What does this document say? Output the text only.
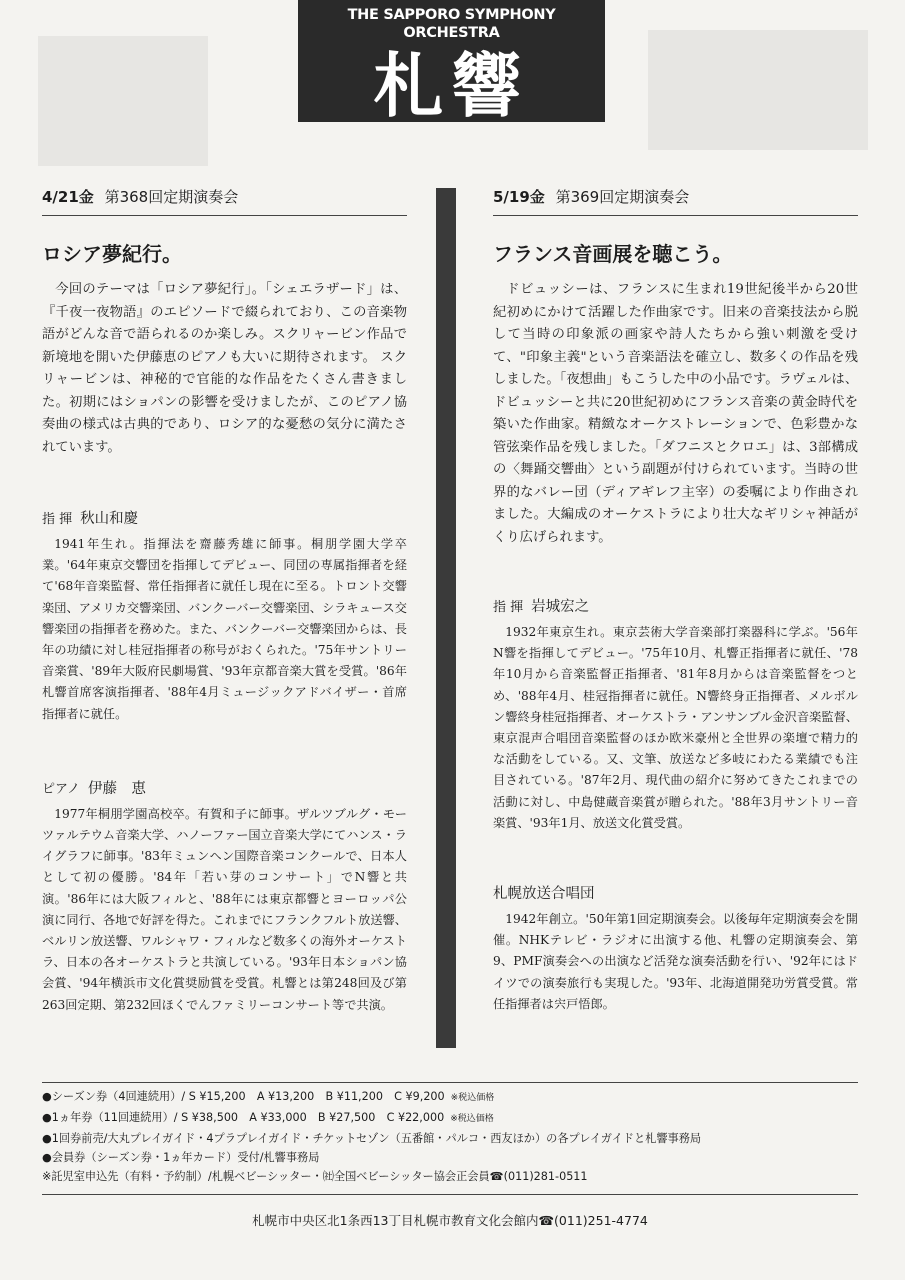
THE SAPPORO SYMPHONY ORCHESTRA
札響
4/21金 第368回定期演奏会
ロシア夢紀行。

今回のテーマは「ロシア夢紀行」。「シェエラザード」は、『千夜一夜物語』のエピソードで綴られており、この音楽物語がどんな音で語られるのか楽しみ。スクリャービン作品で新境地を開いた伊藤恵のピアノも大いに期待されます。 スクリャービンは、神秘的で官能的な作品をたくさん書きました。初期にはショパンの影響を受けましたが、このピアノ協奏曲の様式は古典的であり、ロシア的な憂愁の気分に満たされています。

指 揮 秋山和慶

1941年生れ。指揮法を齋藤秀雄に師事。桐朋学園大学卒業。'64年東京交響団を指揮してデビュー、同団の専属指揮者を経て'68年音楽監督、常任指揮者に就任し現在に至る。トロント交響楽団、アメリカ交響楽団、バンクーバー交響楽団、シラキュース交響楽団の指揮者を務めた。また、バンクーバー交響楽団からは、長年の功績に対し桂冠指揮者の称号がおくられた。'75年サントリー音楽賞、'89年大阪府民劇場賞、'93年京都音楽大賞を受賞。'86年札響首席客演指揮者、'88年4月ミュージックアドバイザー・首席指揮者に就任。

ピアノ 伊藤　恵

1977年桐朋学園高校卒。有賀和子に師事。ザルツブルグ・モーツァルテウム音楽大学、ハノーファー国立音楽大学にてハンス・ライグラフに師事。'83年ミュンヘン国際音楽コンクールで、日本人として初の優勝。'84年「若い芽のコンサート」でN響と共演。'86年には大阪フィルと、'88年には東京都響とヨーロッパ公演に同行、各地で好評を得た。これまでにフランクフルト放送響、ベルリン放送響、ワルシャワ・フィルなど数多くの海外オーケストラ、日本の各オーケストラと共演している。'93年日本ショパン協会賞、'94年横浜市文化賞奨励賞を受賞。札響とは第248回及び第263回定期、第232回ほくでんファミリーコンサート等で共演。

5/19金 第369回定期演奏会
フランス音画展を聴こう。

ドビュッシーは、フランスに生まれ19世紀後半から20世紀初めにかけて活躍した作曲家です。旧来の音楽技法から脱して当時の印象派の画家や詩人たちから強い刺激を受けて、"印象主義"という音楽語法を確立し、数多くの作品を残しました。「夜想曲」もこうした中の小品です。ラヴェルは、ドビュッシーと共に20世紀初めにフランス音楽の黄金時代を築いた作曲家。精緻なオーケストレーションで、色彩豊かな管弦楽作品を残しました。「ダフニスとクロエ」は、3部構成の〈舞踊交響曲〉という副題が付けられています。当時の世界的なバレー団（ディアギレフ主宰）の委嘱により作曲されました。大編成のオーケストラにより壮大なギリシャ神話がくり広げられます。

指 揮 岩城宏之

1932年東京生れ。東京芸術大学音楽部打楽器科に学ぶ。'56年N響を指揮してデビュー。'75年10月、札響正指揮者に就任、'78年10月から音楽監督正指揮者、'81年8月からは音楽監督をつとめ、'88年4月、桂冠指揮者に就任。N響終身正指揮者、メルボルン響終身桂冠指揮者、オーケストラ・アンサンブル金沢音楽監督、東京混声合唱団音楽監督のほか欧米豪州と全世界の楽壇で精力的な活動をしている。又、文筆、放送など多岐にわたる業績でも注目されている。'87年2月、現代曲の紹介に努めてきたこれまでの活動に対し、中島健蔵音楽賞が贈られた。'88年3月サントリー音楽賞、'93年1月、放送文化賞受賞。

札幌放送合唱団

1942年創立。'50年第1回定期演奏会。以後毎年定期演奏会を開催。NHKテレビ・ラジオに出演する他、札響の定期演奏会、第9、PMF演奏会への出演など活発な演奏活動を行い、'92年にはドイツでの演奏旅行も実現した。'93年、北海道開発功労賞受賞。常任指揮者は宍戸悟郎。

●シーズン券（4回連続用）/ S ¥15,200　A ¥13,200　B ¥11,200　C ¥9,200 ※税込価格
●1ヵ年券（11回連続用）/ S ¥38,500　A ¥33,000　B ¥27,500　C ¥22,000 ※税込価格
●1回券前売/大丸プレイガイド・4プラプレイガイド・チケットセゾン（五番館・パルコ・西友ほか）の各プレイガイドと札響事務局
●会員券（シーズン券・1ヵ年カード）受付/札響事務局
※託児室申込先（有料・予約制）/札幌ベビーシッター・㈳全国ベビーシッター協会正会員☎(011)281-0511
札幌市中央区北1条西13丁目札幌市教育文化会館内☎(011)251-4774
